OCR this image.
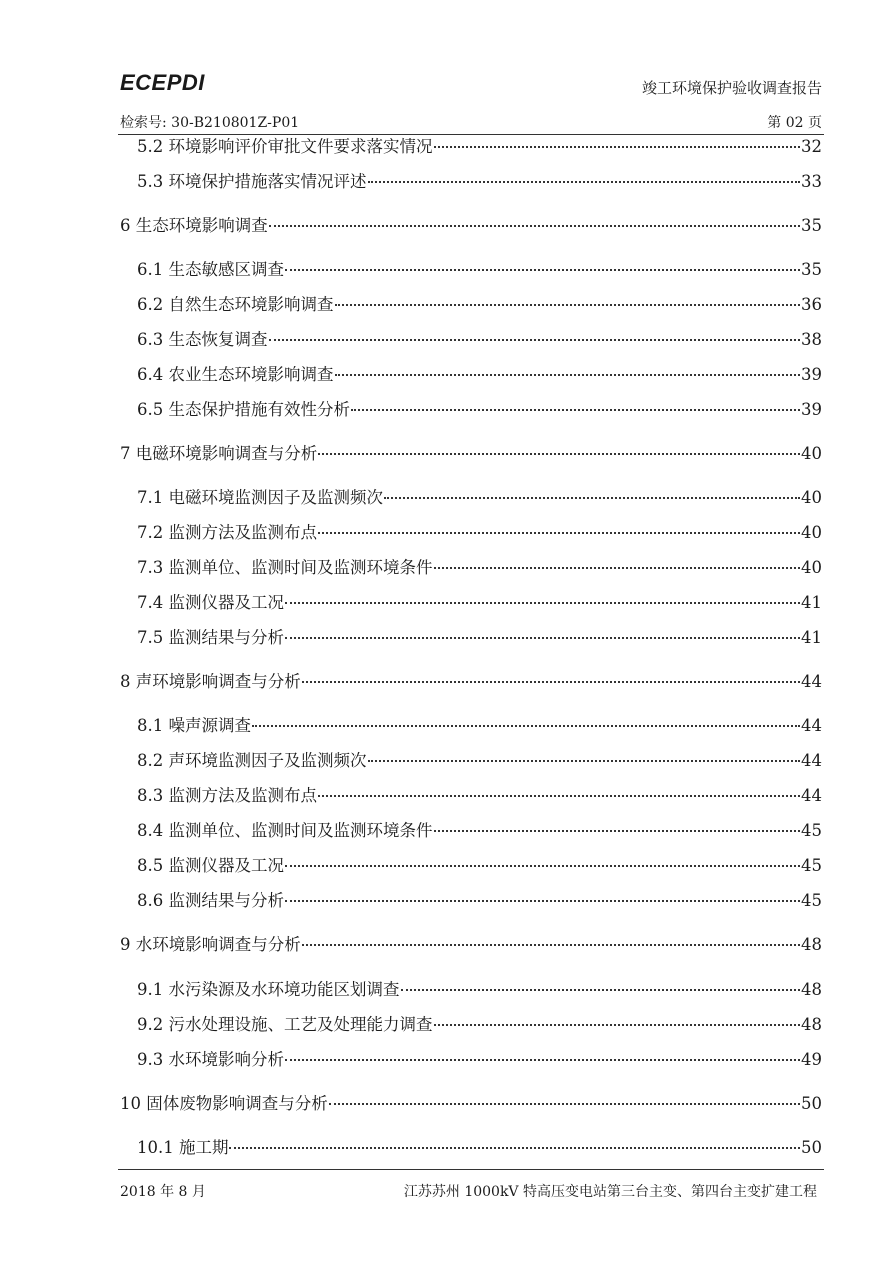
ECEPDI	竣工环境保护验收调查报告
检索号: 30-B210801Z-P01	第 02 页
5.2 环境影响评价审批文件要求落实情况	32
5.3 环境保护措施落实情况评述	33
6 生态环境影响调查	35
6.1 生态敏感区调查	35
6.2 自然生态环境影响调查	36
6.3 生态恢复调查	38
6.4 农业生态环境影响调查	39
6.5 生态保护措施有效性分析	39
7 电磁环境影响调查与分析	40
7.1 电磁环境监测因子及监测频次	40
7.2 监测方法及监测布点	40
7.3 监测单位、监测时间及监测环境条件	40
7.4 监测仪器及工况	41
7.5 监测结果与分析	41
8 声环境影响调查与分析	44
8.1 噪声源调查	44
8.2 声环境监测因子及监测频次	44
8.3 监测方法及监测布点	44
8.4 监测单位、监测时间及监测环境条件	45
8.5 监测仪器及工况	45
8.6 监测结果与分析	45
9 水环境影响调查与分析	48
9.1 水污染源及水环境功能区划调查	48
9.2 污水处理设施、工艺及处理能力调查	48
9.3 水环境影响分析	49
10 固体废物影响调查与分析	50
10.1 施工期	50
2018 年 8 月	江苏苏州 1000kV 特高压变电站第三台主变、第四台主变扩建工程
